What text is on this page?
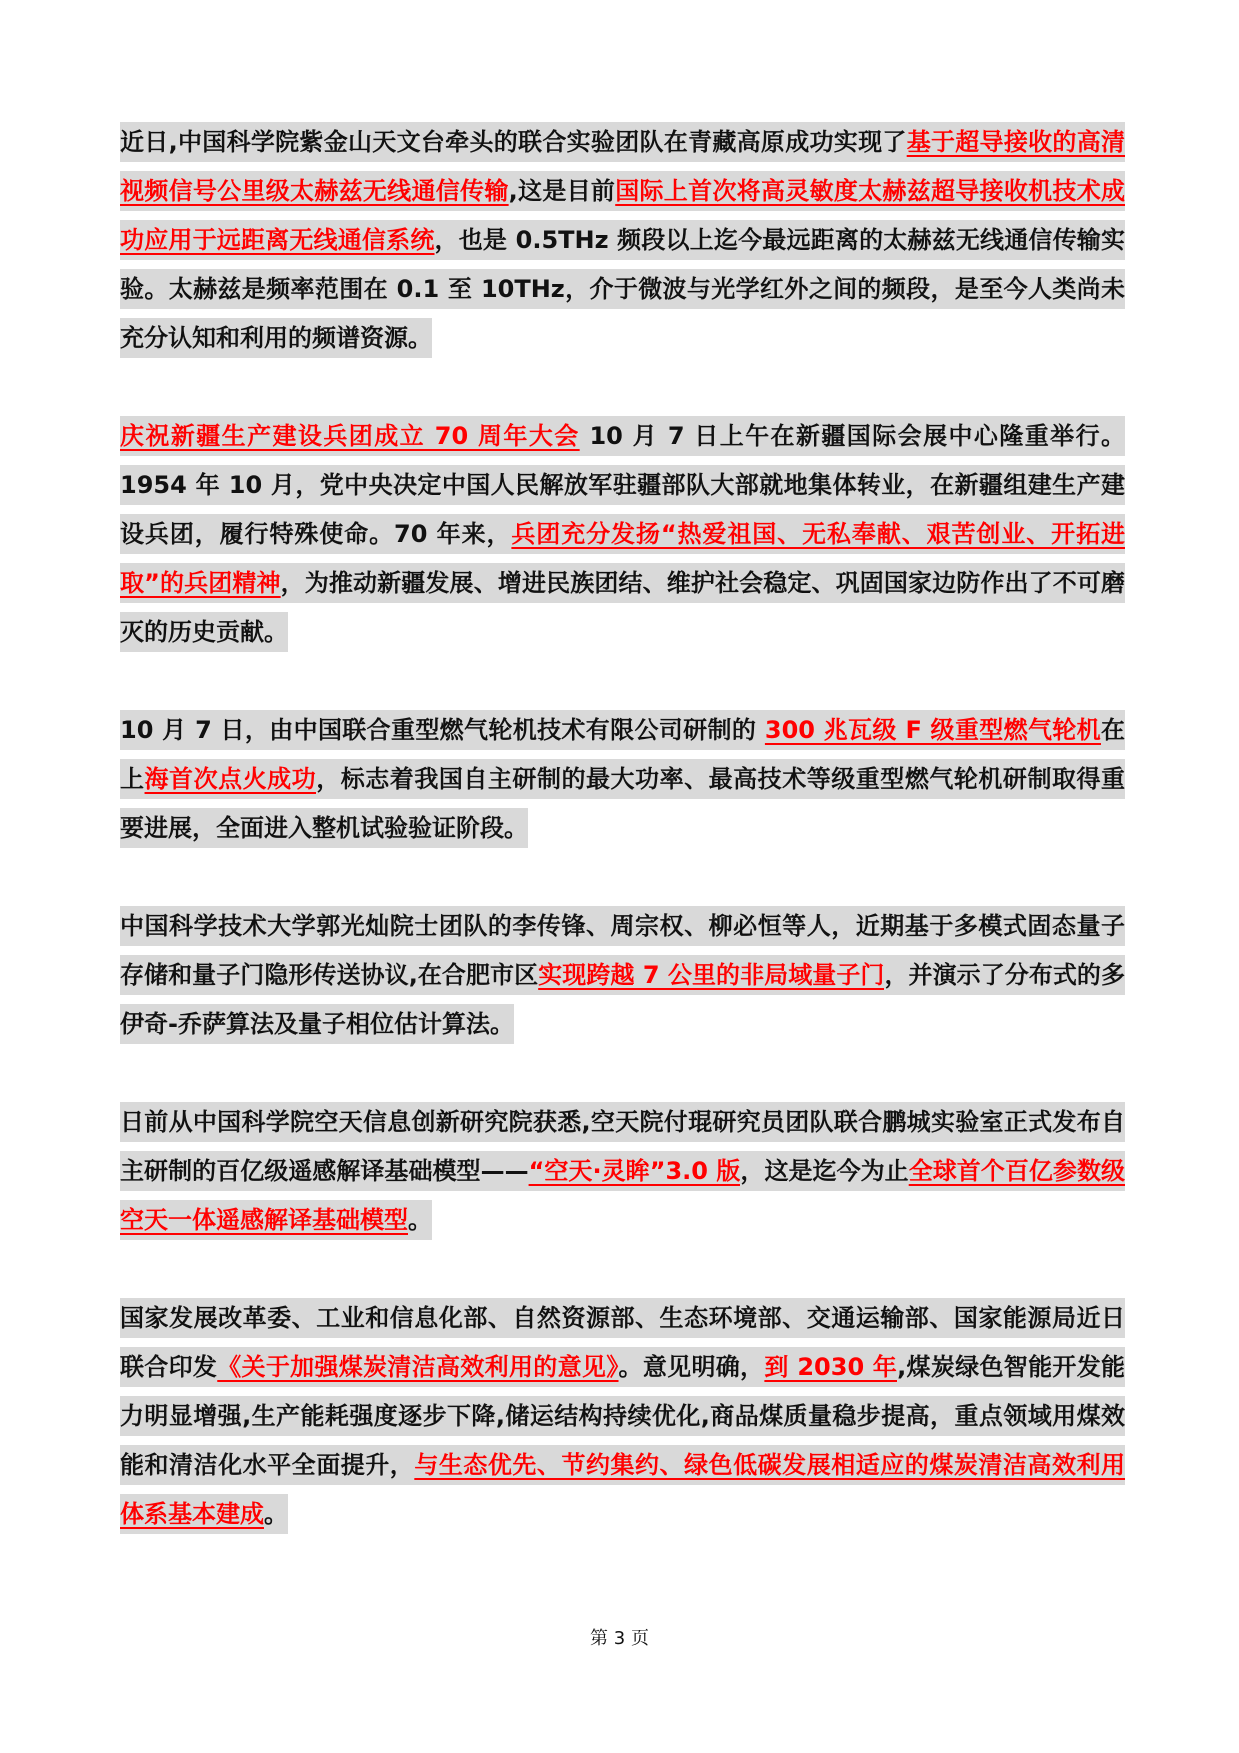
近日,中国科学院紫金山天文台牵头的联合实验团队在青藏高原成功实现了基于超导接收的高清视频信号公里级太赫兹无线通信传输,这是目前国际上首次将高灵敏度太赫兹超导接收机技术成功应用于远距离无线通信系统，也是 0.5THz 频段以上迄今最远距离的太赫兹无线通信传输实验。太赫兹是频率范围在 0.1 至 10THz，介于微波与光学红外之间的频段，是至今人类尚未充分认知和利用的频谱资源。

庆祝新疆生产建设兵团成立 70 周年大会 10 月 7 日上午在新疆国际会展中心隆重举行。1954 年 10 月，党中央决定中国人民解放军驻疆部队大部就地集体转业，在新疆组建生产建设兵团，履行特殊使命。70 年来，兵团充分发扬“热爱祖国、无私奉献、艰苦创业、开拓进取”的兵团精神，为推动新疆发展、增进民族团结、维护社会稳定、巩固国家边防作出了不可磨灭的历史贡献。

10 月 7 日，由中国联合重型燃气轮机技术有限公司研制的 300 兆瓦级 F 级重型燃气轮机在上海首次点火成功，标志着我国自主研制的最大功率、最高技术等级重型燃气轮机研制取得重要进展，全面进入整机试验验证阶段。

中国科学技术大学郭光灿院士团队的李传锋、周宗权、柳必恒等人，近期基于多模式固态量子存储和量子门隐形传送协议,在合肥市区实现跨越 7 公里的非局域量子门，并演示了分布式的多伊奇-乔萨算法及量子相位估计算法。

日前从中国科学院空天信息创新研究院获悉,空天院付琨研究员团队联合鹏城实验室正式发布自主研制的百亿级遥感解译基础模型——“空天·灵眸”3.0 版，这是迄今为止全球首个百亿参数级空天一体遥感解译基础模型。

国家发展改革委、工业和信息化部、自然资源部、生态环境部、交通运输部、国家能源局近日联合印发《关于加强煤炭清洁高效利用的意见》。意见明确，到 2030 年,煤炭绿色智能开发能力明显增强,生产能耗强度逐步下降,储运结构持续优化,商品煤质量稳步提高，重点领域用煤效能和清洁化水平全面提升，与生态优先、节约集约、绿色低碳发展相适应的煤炭清洁高效利用体系基本建成。

第 3 页
